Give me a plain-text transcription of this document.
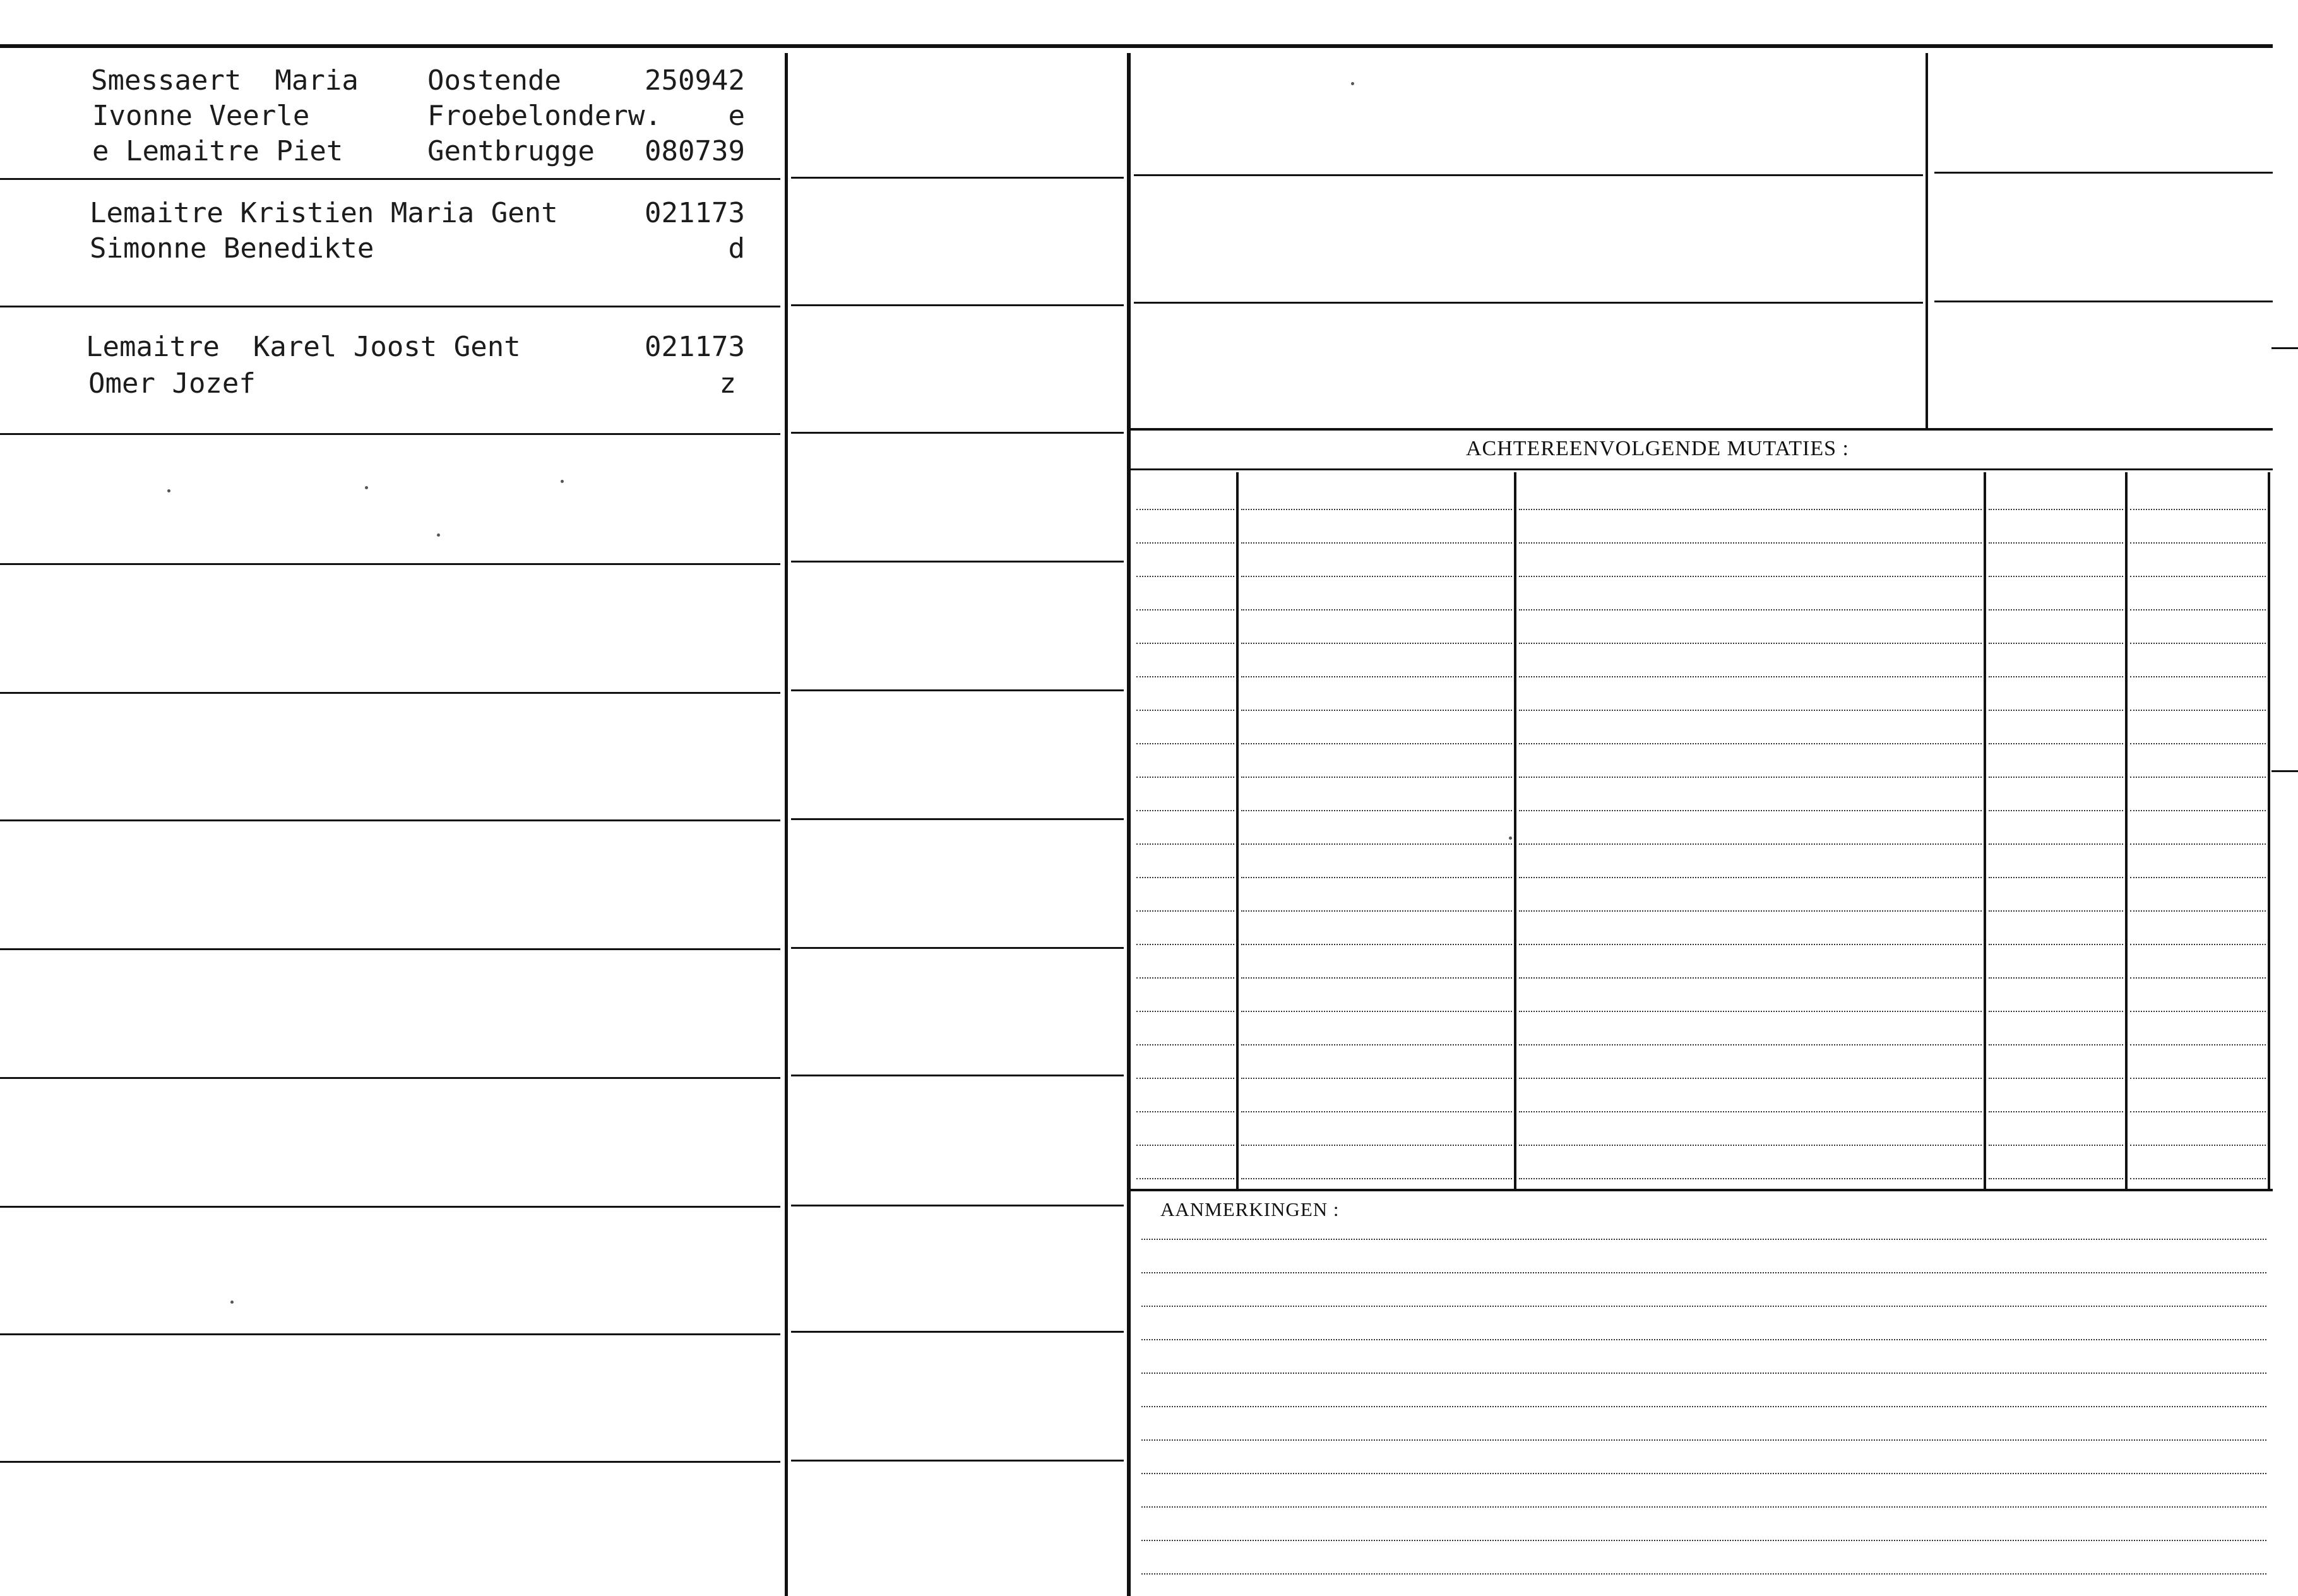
Smessaert  Maria
Ivonne Veerle
e Lemaitre Piet
Oostende
Froebelonderw.
Gentbrugge
250942
e
080739
Lemaitre Kristien Maria Gent
Simonne Benedikte
021173
d
Lemaitre  Karel Joost Gent
Omer Jozef
021173
z
ACHTEREENVOLGENDE MUTATIES :
AANMERKINGEN :
